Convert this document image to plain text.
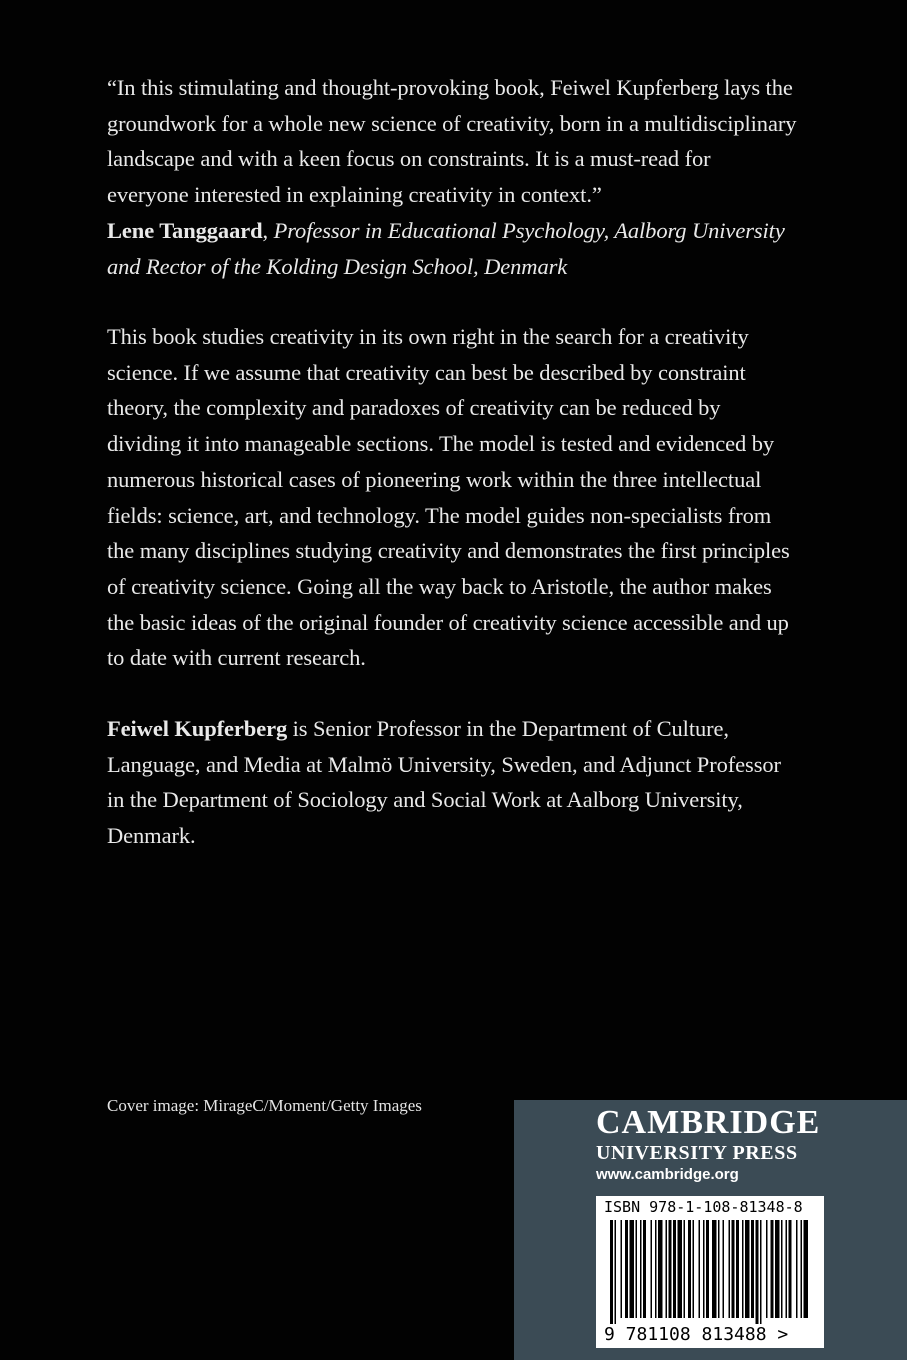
“In this stimulating and thought-provoking book, Feiwel Kupferberg lays the groundwork for a whole new science of creativity, born in a multidisciplinary landscape and with a keen focus on constraints. It is a must-read for everyone interested in explaining creativity in context.”

Lene Tanggaard, Professor in Educational Psychology, Aalborg University and Rector of the Kolding Design School, Denmark

This book studies creativity in its own right in the search for a creativity science. If we assume that creativity can best be described by constraint theory, the complexity and paradoxes of creativity can be reduced by dividing it into manageable sections. The model is tested and evidenced by numerous historical cases of pioneering work within the three intellectual fields: science, art, and technology. The model guides non-specialists from the many disciplines studying creativity and demonstrates the first principles of creativity science. Going all the way back to Aristotle, the author makes the basic ideas of the original founder of creativity science accessible and up to date with current research.

Feiwel Kupferberg is Senior Professor in the Department of Culture, Language, and Media at Malmö University, Sweden, and Adjunct Professor in the Department of Sociology and Social Work at Aalborg University, Denmark.

Cover image: MirageC/Moment/Getty Images	CAMBRIDGE
UNIVERSITY PRESS
www.cambridge.org
ISBN 978-1-108-81348-8
9 781108 813488 >
